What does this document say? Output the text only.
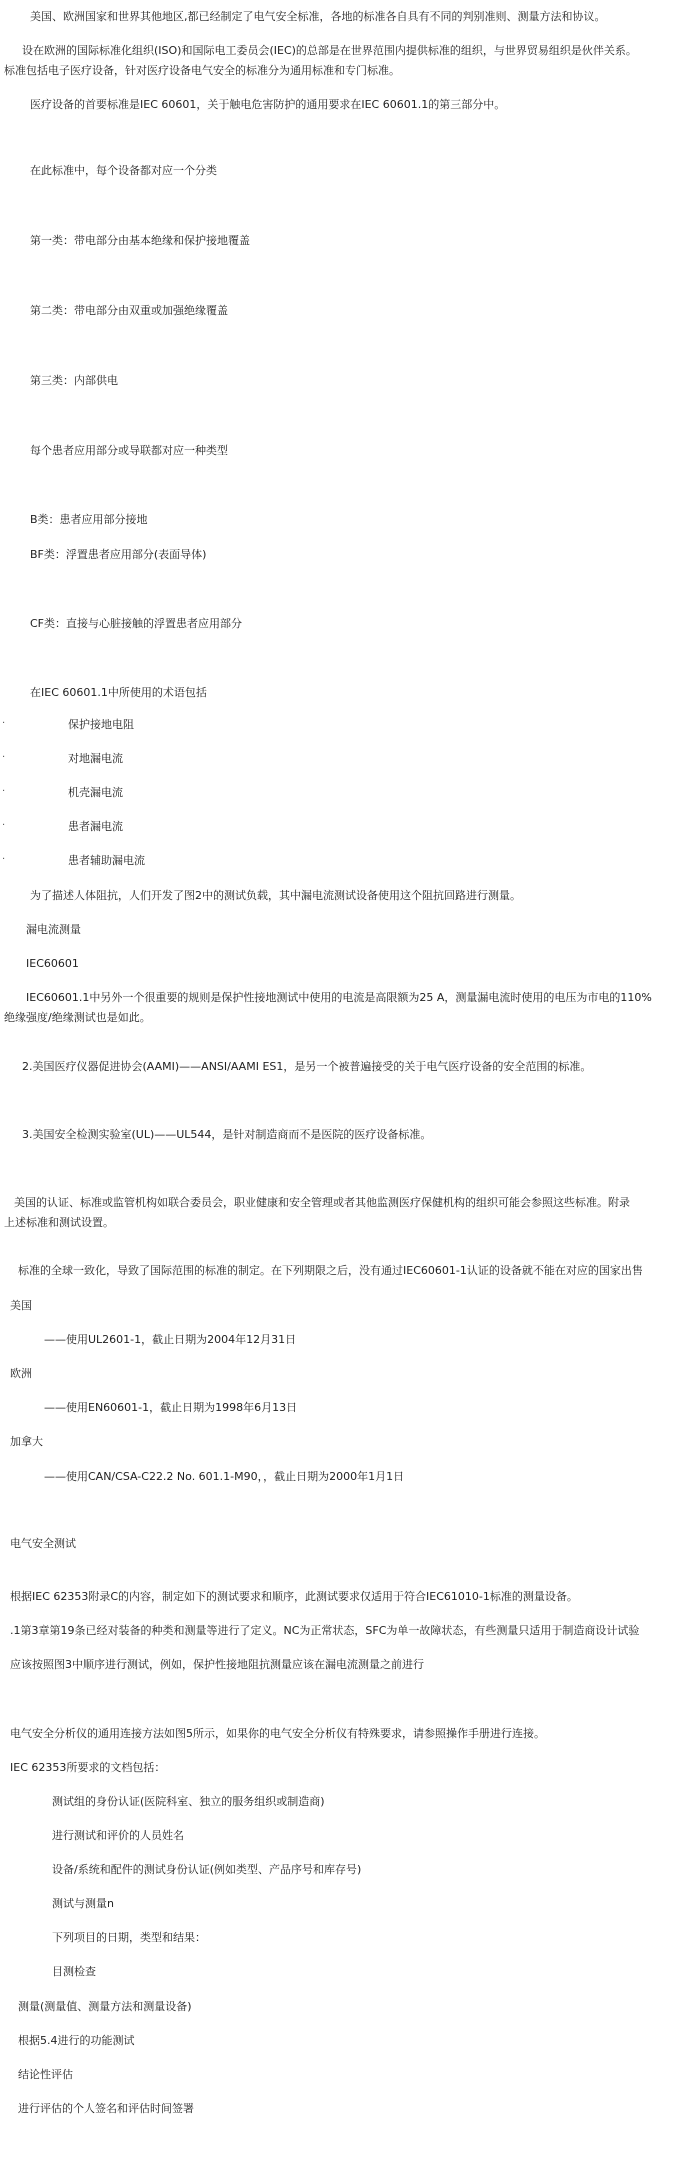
美国、欧洲国家和世界其他地区,都已经制定了电气安全标准，各地的标准各自具有不同的判别准则、测量方法和协议。
设在欧洲的国际标准化组织(ISO)和国际电工委员会(IEC)的总部是在世界范围内提供标准的组织，与世界贸易组织是伙伴关系。
标准包括电子医疗设备，针对医疗设备电气安全的标准分为通用标准和专门标准。
医疗设备的首要标准是IEC 60601，关于触电危害防护的通用要求在IEC 60601.1的第三部分中。
在此标准中，每个设备都对应一个分类
第一类：带电部分由基本绝缘和保护接地覆盖
第二类：带电部分由双重或加强绝缘覆盖
第三类：内部供电
每个患者应用部分或导联都对应一种类型
B类：患者应用部分接地
BF类：浮置患者应用部分(表面导体)
CF类：直接与心脏接触的浮置患者应用部分
在IEC 60601.1中所使用的术语包括
·	保护接地电阻
·	对地漏电流
·	机壳漏电流
·	患者漏电流
·	患者辅助漏电流
为了描述人体阻抗，人们开发了图2中的测试负载，其中漏电流测试设备使用这个阻抗回路进行测量。
漏电流测量
IEC60601
IEC60601.1中另外一个很重要的规则是保护性接地测试中使用的电流是高限额为25 A，测量漏电流时使用的电压为市电的110%
绝缘强度/绝缘测试也是如此。
2.美国医疗仪器促进协会(AAMI)——ANSI/AAMI ES1，是另一个被普遍接受的关于电气医疗设备的安全范围的标准。
3.美国安全检测实验室(UL)——UL544，是针对制造商而不是医院的医疗设备标准。
美国的认证、标准或监管机构如联合委员会，职业健康和安全管理或者其他监测医疗保健机构的组织可能会参照这些标准。附录
上述标准和测试设置。
标准的全球一致化，导致了国际范围的标准的制定。在下列期限之后，没有通过IEC60601-1认证的设备就不能在对应的国家出售
美国
——使用UL2601-1，截止日期为2004年12月31日
欧洲
——使用EN60601-1，截止日期为1998年6月13日
加拿大
——使用CAN/CSA-C22.2 No. 601.1-M90，，截止日期为2000年1月1日
电气安全测试
根据IEC 62353附录C的内容，制定如下的测试要求和顺序，此测试要求仅适用于符合IEC61010-1标准的测量设备。
.1第3章第19条已经对装备的种类和测量等进行了定义。NC为正常状态，SFC为单一故障状态，有些测量只适用于制造商设计试验
应该按照图3中顺序进行测试，例如，保护性接地阻抗测量应该在漏电流测量之前进行
电气安全分析仪的通用连接方法如图5所示，如果你的电气安全分析仪有特殊要求，请参照操作手册进行连接。
IEC 62353所要求的文档包括：
测试组的身份认证(医院科室、独立的服务组织或制造商)
进行测试和评价的人员姓名
设备/系统和配件的测试身份认证(例如类型、产品序号和库存号)
测试与测量n
下列项目的日期，类型和结果：
目测检查
测量(测量值、测量方法和测量设备)
根据5.4进行的功能测试
结论性评估
进行评估的个人签名和评估时间签署
